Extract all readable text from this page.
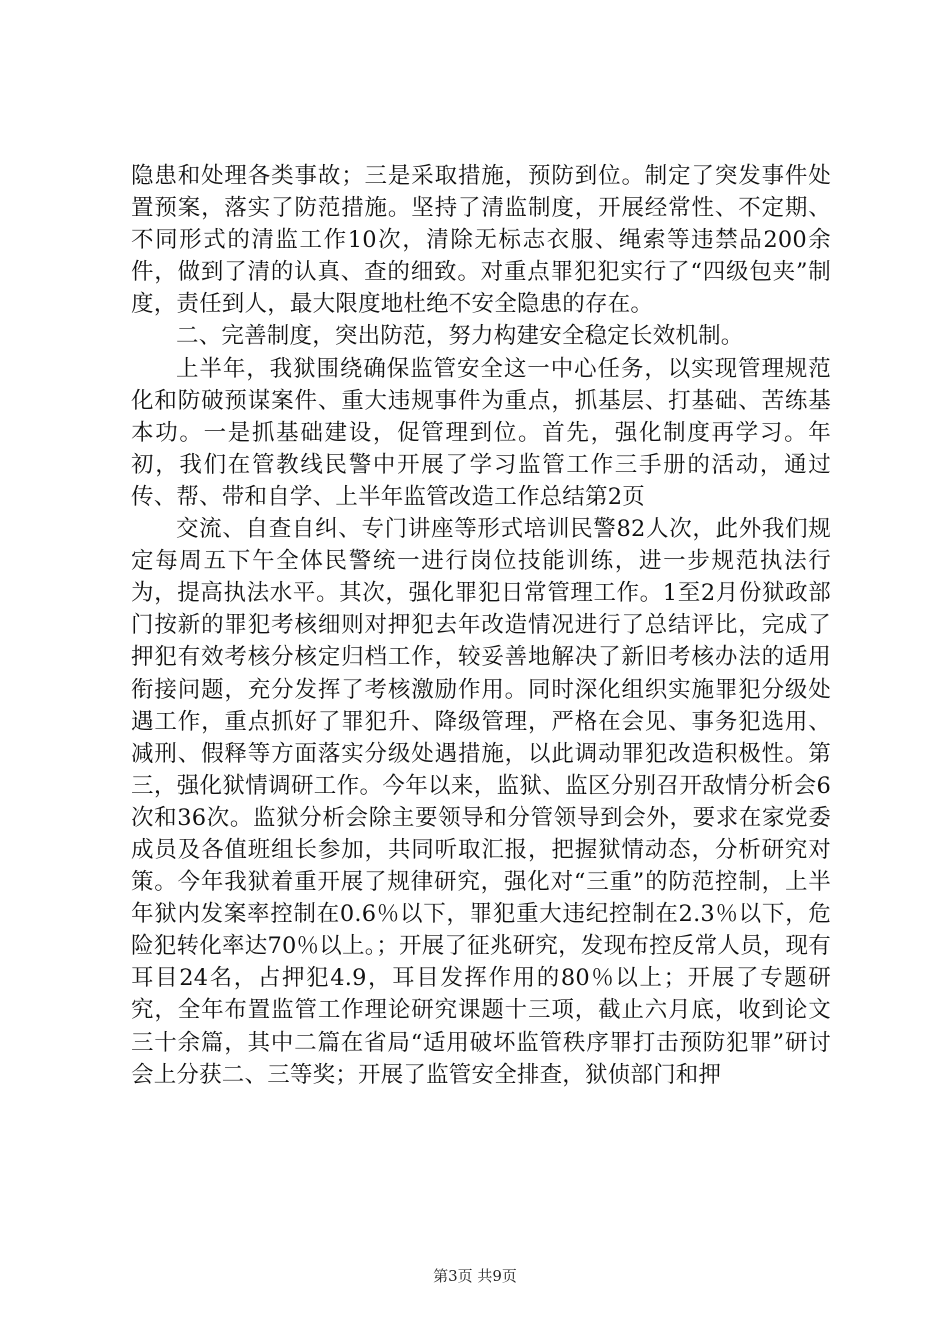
隐患和处理各类事故；三是采取措施，预防到位。制定了突发事件处置预案，落实了防范措施。坚持了清监制度，开展经常性、不定期、不同形式的清监工作10次，清除无标志衣服、绳索等违禁品200余件，做到了清的认真、查的细致。对重点罪犯犯实行了“四级包夹”制度，责任到人，最大限度地杜绝不安全隐患的存在。

二、完善制度，突出防范，努力构建安全稳定长效机制。

上半年，我狱围绕确保监管安全这一中心任务，以实现管理规范化和防破预谋案件、重大违规事件为重点，抓基层、打基础、苦练基本功。一是抓基础建设，促管理到位。首先，强化制度再学习。年初，我们在管教线民警中开展了学习监管工作三手册的活动，通过传、帮、带和自学、上半年监管改造工作总结第2页

交流、自查自纠、专门讲座等形式培训民警82人次，此外我们规定每周五下午全体民警统一进行岗位技能训练，进一步规范执法行为，提高执法水平。其次，强化罪犯日常管理工作。1至2月份狱政部门按新的罪犯考核细则对押犯去年改造情况进行了总结评比，完成了押犯有效考核分核定归档工作，较妥善地解决了新旧考核办法的适用衔接问题，充分发挥了考核激励作用。同时深化组织实施罪犯分级处遇工作，重点抓好了罪犯升、降级管理，严格在会见、事务犯选用、减刑、假释等方面落实分级处遇措施，以此调动罪犯改造积极性。第三，强化狱情调研工作。今年以来，监狱、监区分别召开敌情分析会6次和36次。监狱分析会除主要领导和分管领导到会外，要求在家党委成员及各值班组长参加，共同听取汇报，把握狱情动态，分析研究对策。今年我狱着重开展了规律研究，强化对“三重”的防范控制，上半年狱内发案率控制在0.6％以下，罪犯重大违纪控制在2.3％以下，危险犯转化率达70％以上。；开展了征兆研究，发现布控反常人员，现有耳目24名，占押犯4.9，耳目发挥作用的80％以上；开展了专题研究，全年布置监管工作理论研究课题十三项，截止六月底，收到论文三十余篇，其中二篇在省局“适用破坏监管秩序罪打击预防犯罪”研讨会上分获二、三等奖；开展了监管安全排查，狱侦部门和押

第3页 共9页
